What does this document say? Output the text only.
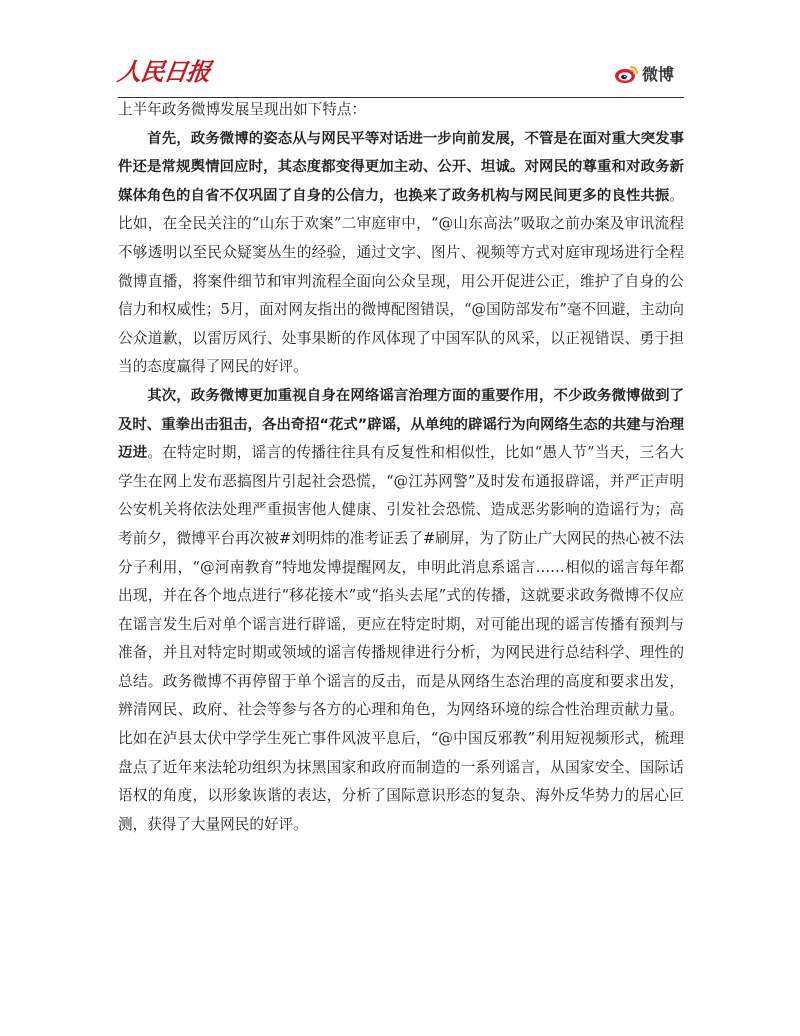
人民日报	微博

上半年政务微博发展呈现出如下特点：

首先，政务微博的姿态从与网民平等对话进一步向前发展，不管是在面对重大突发事件还是常规舆情回应时，其态度都变得更加主动、公开、坦诚。对网民的尊重和对政务新媒体角色的自省不仅巩固了自身的公信力，也换来了政务机构与网民间更多的良性共振。比如，在全民关注的“山东于欢案”二审庭审中，“@山东高法”吸取之前办案及审讯流程不够透明以至民众疑窦丛生的经验，通过文字、图片、视频等方式对庭审现场进行全程微博直播，将案件细节和审判流程全面向公众呈现，用公开促进公正，维护了自身的公信力和权威性；5月，面对网友指出的微博配图错误，“@国防部发布”毫不回避，主动向公众道歉，以雷厉风行、处事果断的作风体现了中国军队的风采，以正视错误、勇于担当的态度赢得了网民的好评。

其次，政务微博更加重视自身在网络谣言治理方面的重要作用，不少政务微博做到了及时、重拳出击狙击，各出奇招“花式”辟谣，从单纯的辟谣行为向网络生态的共建与治理迈进。在特定时期，谣言的传播往往具有反复性和相似性，比如“愚人节”当天，三名大学生在网上发布恶搞图片引起社会恐慌，“@江苏网警”及时发布通报辟谣，并严正声明公安机关将依法处理严重损害他人健康、引发社会恐慌、造成恶劣影响的造谣行为；高考前夕，微博平台再次被#刘明炜的准考证丢了#刷屏，为了防止广大网民的热心被不法分子利用，“@河南教育”特地发博提醒网友，申明此消息系谣言……相似的谣言每年都出现，并在各个地点进行“移花接木”或“掐头去尾”式的传播，这就要求政务微博不仅应在谣言发生后对单个谣言进行辟谣，更应在特定时期，对可能出现的谣言传播有预判与准备，并且对特定时期或领域的谣言传播规律进行分析，为网民进行总结科学、理性的总结。政务微博不再停留于单个谣言的反击，而是从网络生态治理的高度和要求出发，辨清网民、政府、社会等参与各方的心理和角色，为网络环境的综合性治理贡献力量。比如在泸县太伏中学学生死亡事件风波平息后，“@中国反邪教”利用短视频形式，梳理盘点了近年来法轮功组织为抹黑国家和政府而制造的一系列谣言，从国家安全、国际话语权的角度，以形象诙谐的表达，分析了国际意识形态的复杂、海外反华势力的居心叵测，获得了大量网民的好评。
